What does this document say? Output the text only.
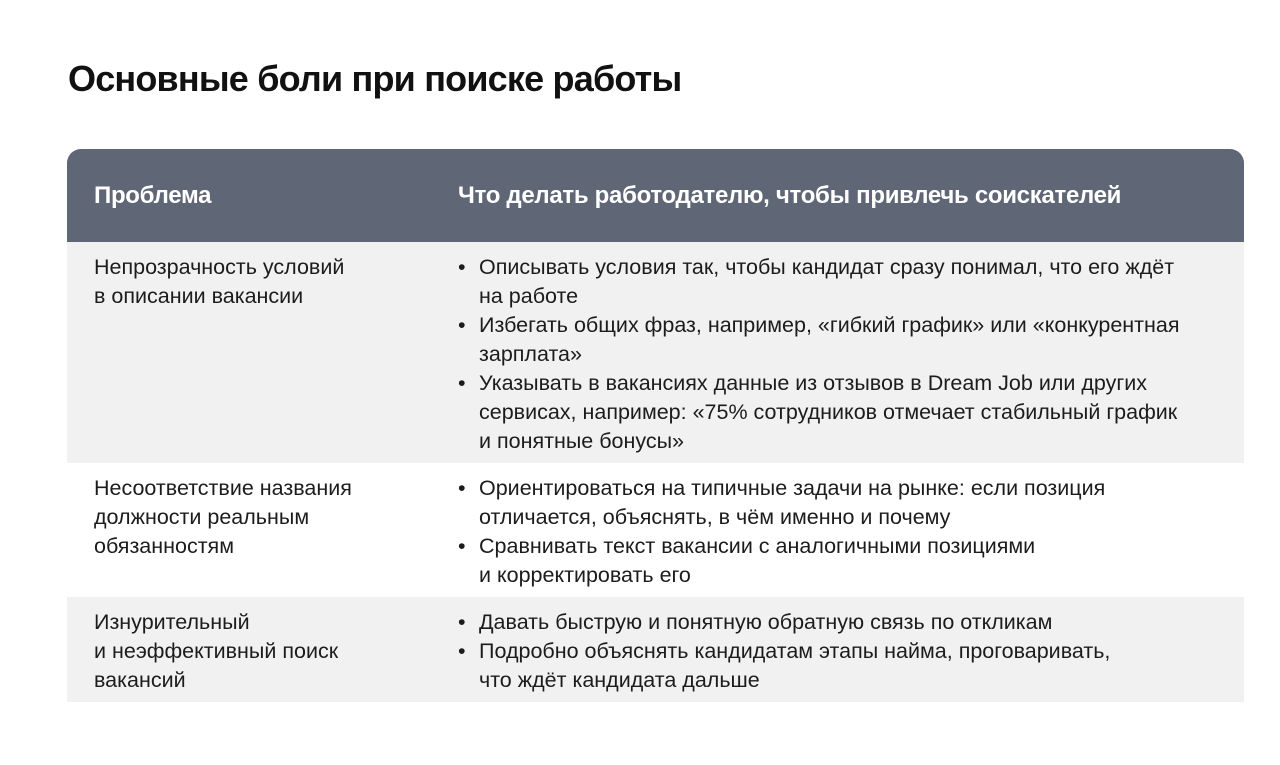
Основные боли при поиске работы
Проблема	Что делать работодателю, чтобы привлечь соискателей
Непрозрачность условий
в описании вакансии
• Описывать условия так, чтобы кандидат сразу понимал, что его ждёт
на работе
• Избегать общих фраз, например, «гибкий график» или «конкурентная
зарплата»
• Указывать в вакансиях данные из отзывов в Dream Job или других
сервисах, например: «75% сотрудников отмечает стабильный график
и понятные бонусы»
Несоответствие названия
должности реальным
обязанностям
• Ориентироваться на типичные задачи на рынке: если позиция
отличается, объяснять, в чём именно и почему
• Сравнивать текст вакансии с аналогичными позициями
и корректировать его
Изнурительный
и неэффективный поиск
вакансий
• Давать быструю и понятную обратную связь по откликам
• Подробно объяснять кандидатам этапы найма, проговаривать,
что ждёт кандидата дальше
